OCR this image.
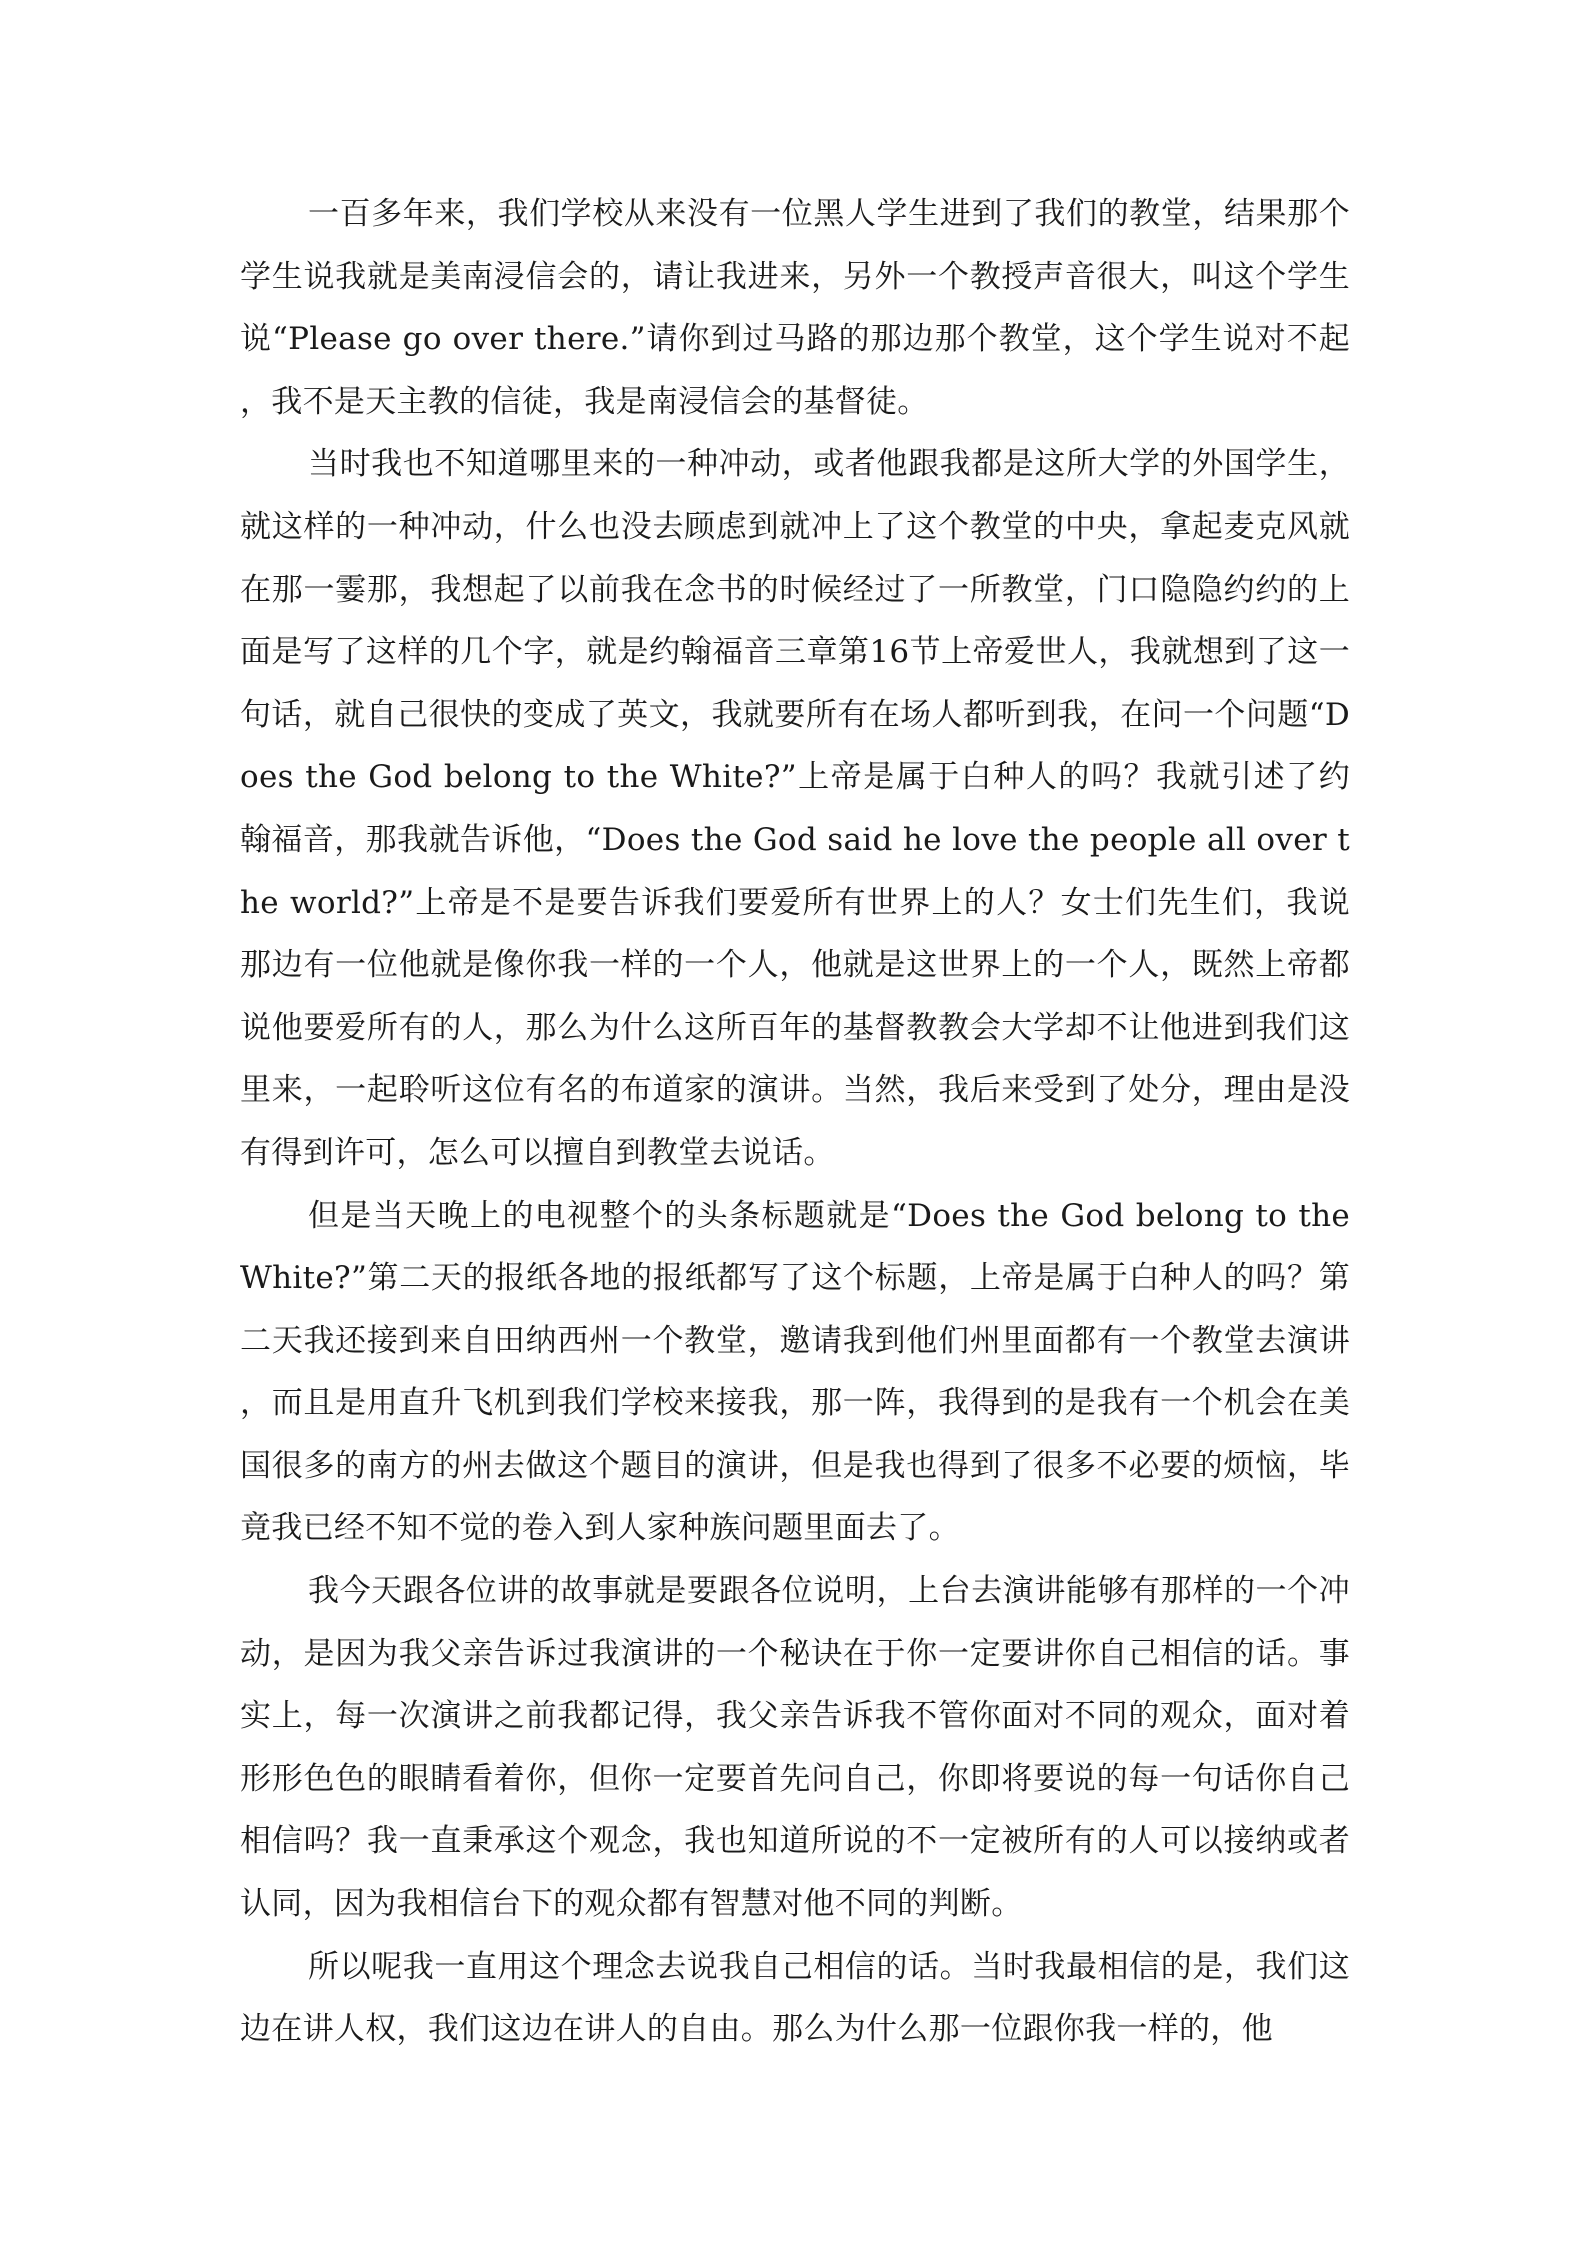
一百多年来，我们学校从来没有一位黑人学生进到了我们的教堂，结果那个学生说我就是美南浸信会的，请让我进来，另外一个教授声音很大，叫这个学生说“Please go over there.”请你到过马路的那边那个教堂，这个学生说对不起，我不是天主教的信徒，我是南浸信会的基督徒。

当时我也不知道哪里来的一种冲动，或者他跟我都是这所大学的外国学生，就这样的一种冲动，什么也没去顾虑到就冲上了这个教堂的中央，拿起麦克风就在那一霎那，我想起了以前我在念书的时候经过了一所教堂，门口隐隐约约的上面是写了这样的几个字，就是约翰福音三章第16节上帝爱世人，我就想到了这一句话，就自己很快的变成了英文，我就要所有在场人都听到我，在问一个问题“Does the God belong to the White?”上帝是属于白种人的吗？我就引述了约翰福音，那我就告诉他，“Does the God said he love the people all over the world?”上帝是不是要告诉我们要爱所有世界上的人？女士们先生们，我说那边有一位他就是像你我一样的一个人，他就是这世界上的一个人，既然上帝都说他要爱所有的人，那么为什么这所百年的基督教教会大学却不让他进到我们这里来，一起聆听这位有名的布道家的演讲。当然，我后来受到了处分，理由是没有得到许可，怎么可以擅自到教堂去说话。

但是当天晚上的电视整个的头条标题就是“Does the God belong to the White?”第二天的报纸各地的报纸都写了这个标题，上帝是属于白种人的吗？第二天我还接到来自田纳西州一个教堂，邀请我到他们州里面都有一个教堂去演讲，而且是用直升飞机到我们学校来接我，那一阵，我得到的是我有一个机会在美国很多的南方的州去做这个题目的演讲，但是我也得到了很多不必要的烦恼，毕竟我已经不知不觉的卷入到人家种族问题里面去了。

我今天跟各位讲的故事就是要跟各位说明，上台去演讲能够有那样的一个冲动，是因为我父亲告诉过我演讲的一个秘诀在于你一定要讲你自己相信的话。事实上，每一次演讲之前我都记得，我父亲告诉我不管你面对不同的观众，面对着形形色色的眼睛看着你，但你一定要首先问自己，你即将要说的每一句话你自己相信吗？我一直秉承这个观念，我也知道所说的不一定被所有的人可以接纳或者认同，因为我相信台下的观众都有智慧对他不同的判断。

所以呢我一直用这个理念去说我自己相信的话。当时我最相信的是，我们这边在讲人权，我们这边在讲人的自由。那么为什么那一位跟你我一样的，他
